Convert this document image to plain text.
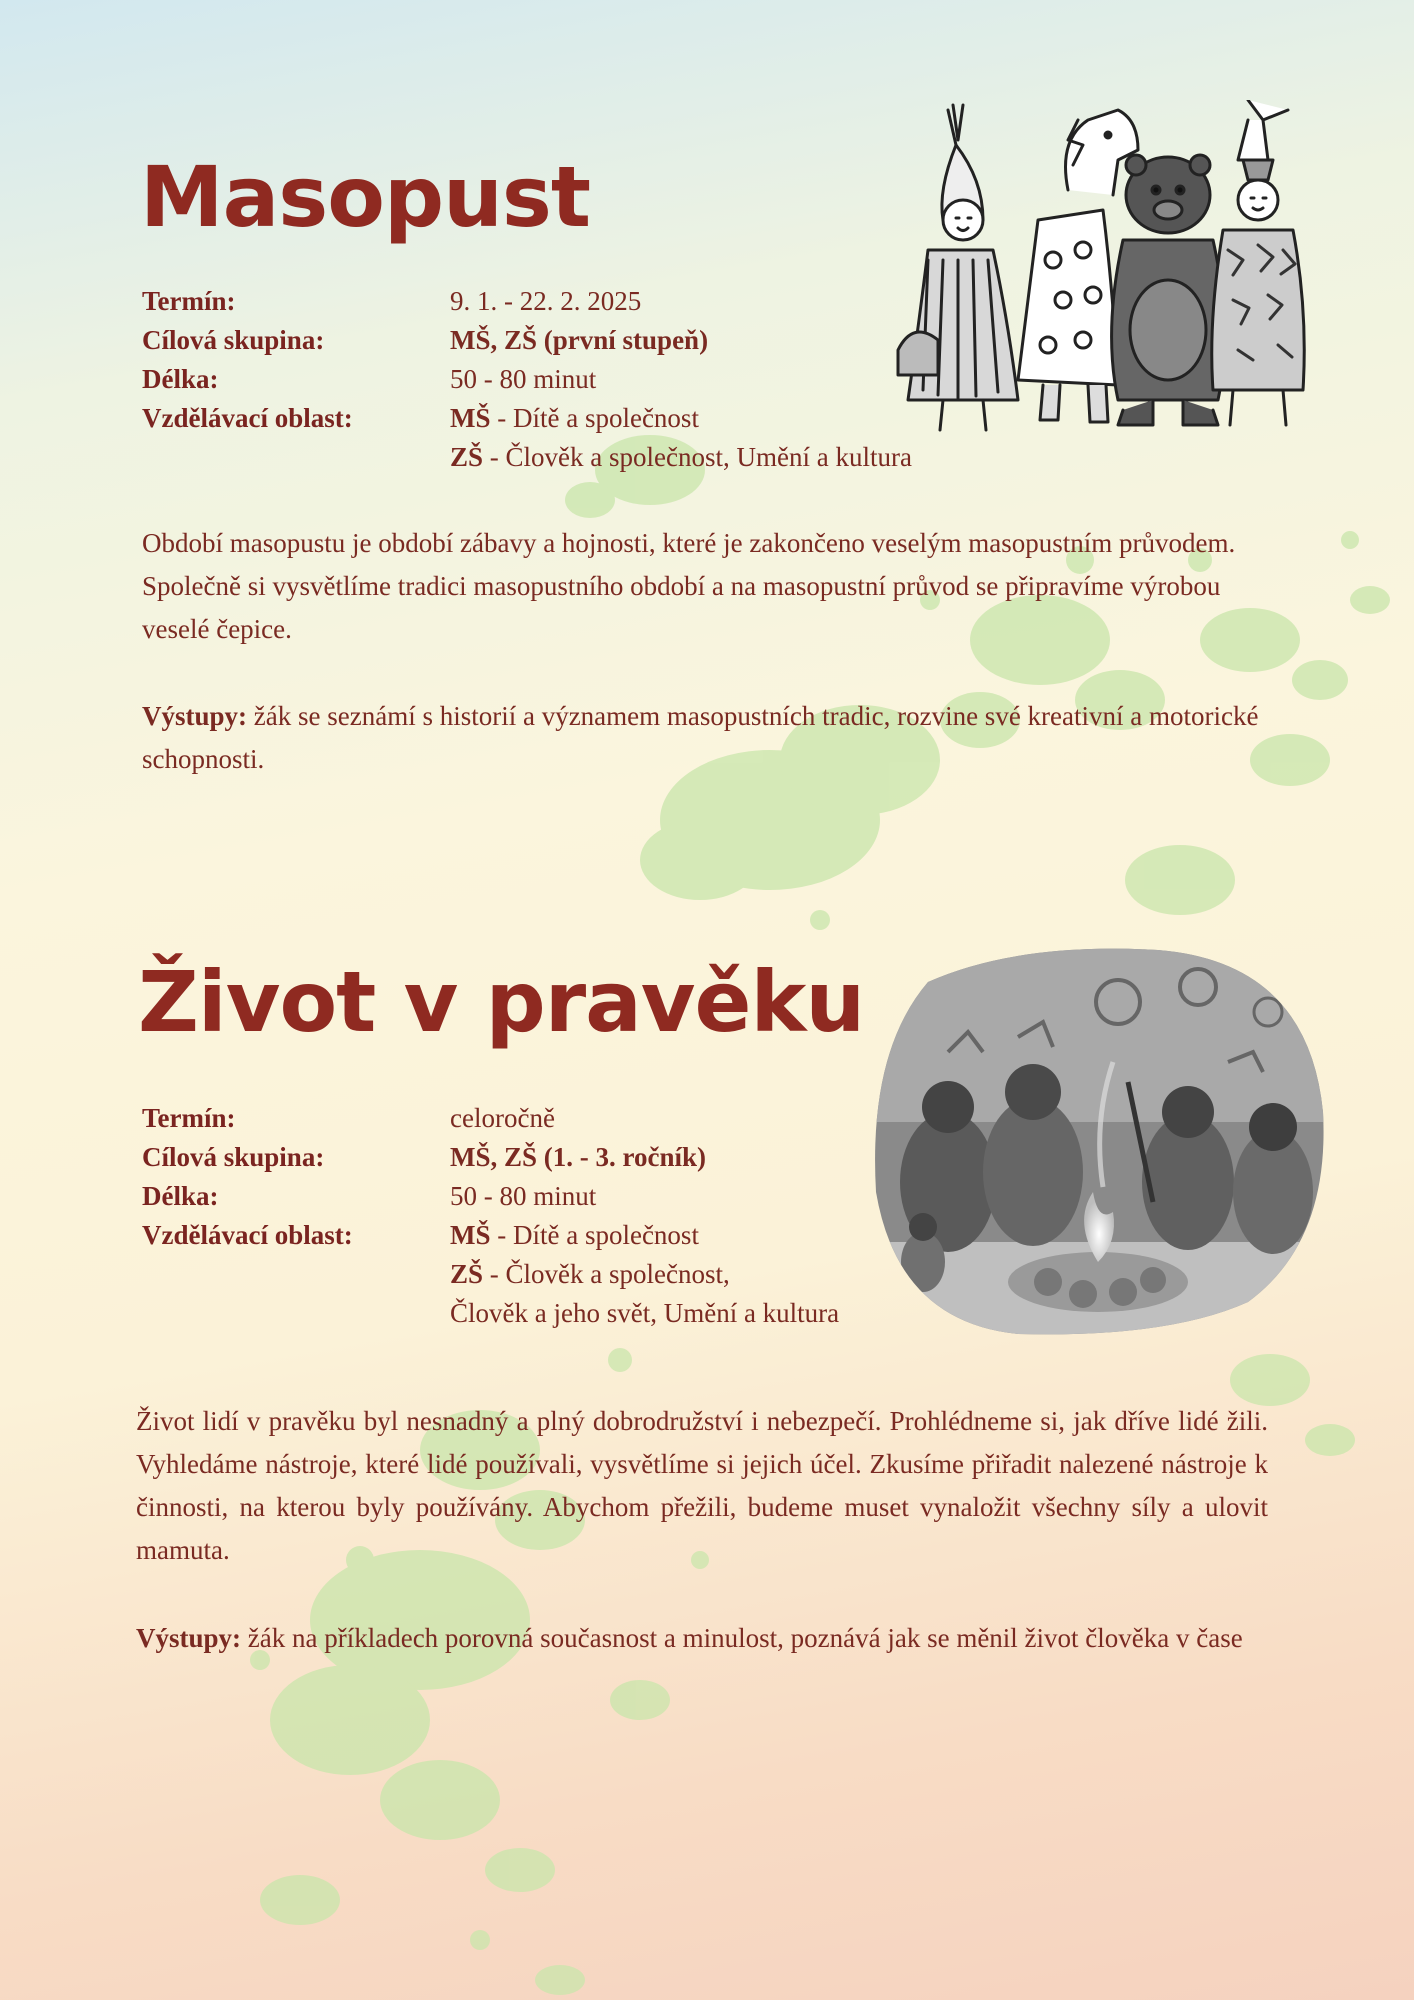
Masopust
Termín:	9. 1. - 22. 2. 2025
Cílová skupina:	MŠ, ZŠ (první stupeň)
Délka:	50 - 80 minut
Vzdělávací oblast:	MŠ - Dítě a společnost
ZŠ - Člověk a společnost, Umění a kultura

Období masopustu je období zábavy a hojnosti, které je zakončeno veselým masopustním průvodem. Společně si vysvětlíme tradici masopustního období a na masopustní průvod se připravíme výrobou veselé čepice.

Výstupy: žák se seznámí s historií a významem masopustních tradic, rozvine své kreativní a motorické schopnosti.

Život v pravěku
Termín:	celoročně
Cílová skupina:	MŠ, ZŠ (1. - 3. ročník)
Délka:	50 - 80 minut
Vzdělávací oblast:	MŠ - Dítě a společnost
ZŠ - Člověk a společnost,
Člověk a jeho svět, Umění a kultura

Život lidí v pravěku byl nesnadný a plný dobrodružství i nebezpečí. Prohlédneme si, jak dříve lidé žili. Vyhledáme nástroje, které lidé používali, vysvětlíme si jejich účel. Zkusíme přiřadit nalezené nástroje k činnosti, na kterou byly používány. Abychom přežili, budeme muset vynaložit všechny síly a ulovit mamuta.

Výstupy: žák na příkladech porovná současnost a minulost, poznává jak se měnil život člověka v čase
